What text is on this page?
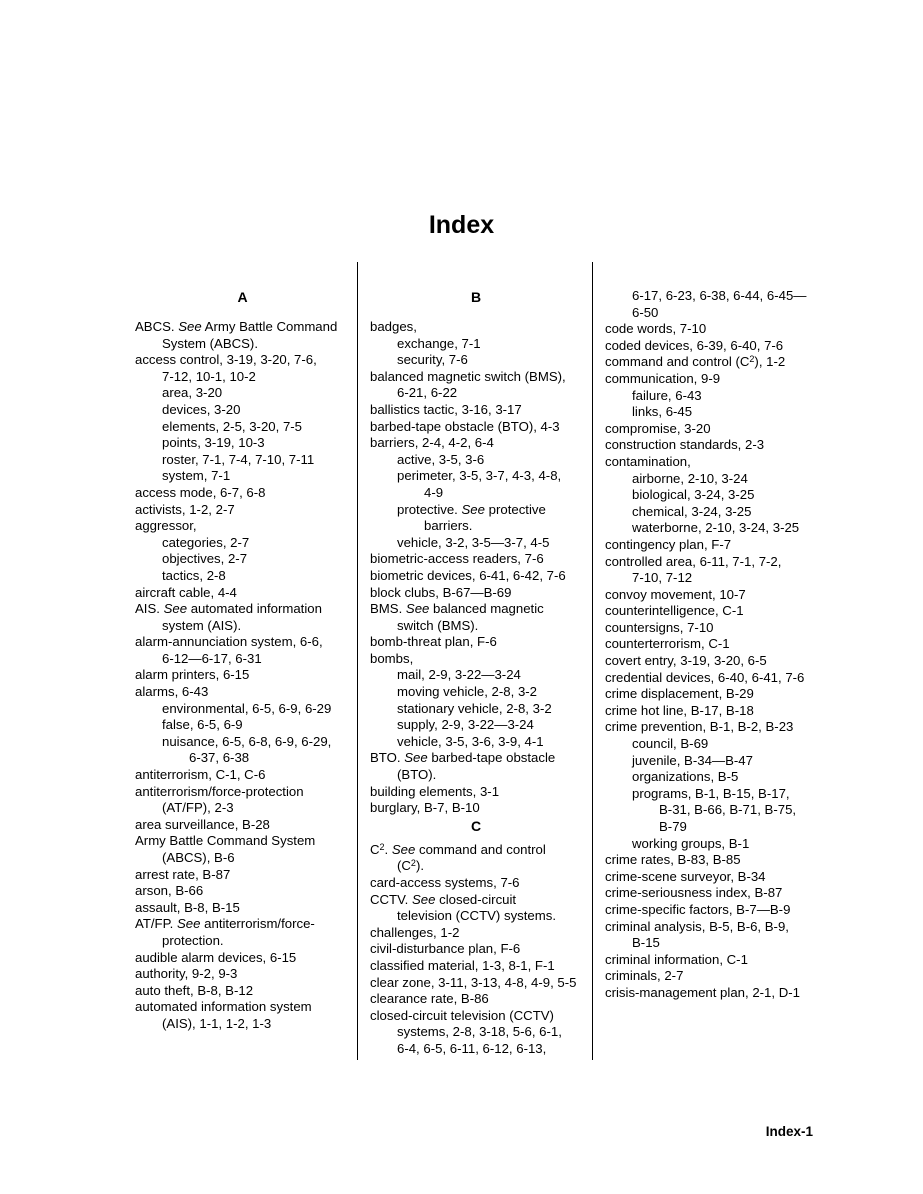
Index
A
ABCS. See Army Battle Command
System (ABCS).
access control, 3-19, 3-20, 7-6,
7-12, 10-1, 10-2
area, 3-20
devices, 3-20
elements, 2-5, 3-20, 7-5
points, 3-19, 10-3
roster, 7-1, 7-4, 7-10, 7-11
system, 7-1
access mode, 6-7, 6-8
activists, 1-2, 2-7
aggressor,
categories, 2-7
objectives, 2-7
tactics, 2-8
aircraft cable, 4-4
AIS. See automated information
system (AIS).
alarm-annunciation system, 6-6,
6-12—6-17, 6-31
alarm printers, 6-15
alarms, 6-43
environmental, 6-5, 6-9, 6-29
false, 6-5, 6-9
nuisance, 6-5, 6-8, 6-9, 6-29,
6-37, 6-38
antiterrorism, C-1, C-6
antiterrorism/force-protection
(AT/FP), 2-3
area surveillance, B-28
Army Battle Command System
(ABCS), B-6
arrest rate, B-87
arson, B-66
assault, B-8, B-15
AT/FP. See antiterrorism/force-
protection.
audible alarm devices, 6-15
authority, 9-2, 9-3
auto theft, B-8, B-12
automated information system
(AIS), 1-1, 1-2, 1-3
B
badges,
exchange, 7-1
security, 7-6
balanced magnetic switch (BMS),
6-21, 6-22
ballistics tactic, 3-16, 3-17
barbed-tape obstacle (BTO), 4-3
barriers, 2-4, 4-2, 6-4
active, 3-5, 3-6
perimeter, 3-5, 3-7, 4-3, 4-8,
4-9
protective. See protective
barriers.
vehicle, 3-2, 3-5—3-7, 4-5
biometric-access readers, 7-6
biometric devices, 6-41, 6-42, 7-6
block clubs, B-67—B-69
BMS. See balanced magnetic
switch (BMS).
bomb-threat plan, F-6
bombs,
mail, 2-9, 3-22—3-24
moving vehicle, 2-8, 3-2
stationary vehicle, 2-8, 3-2
supply, 2-9, 3-22—3-24
vehicle, 3-5, 3-6, 3-9, 4-1
BTO. See barbed-tape obstacle
(BTO).
building elements, 3-1
burglary, B-7, B-10
C
$C^2$. See command and control
$(C^2)$.
card-access systems, 7-6
CCTV. See closed-circuit
television (CCTV) systems.
challenges, 1-2
civil-disturbance plan, F-6
classified material, 1-3, 8-1, F-1
clear zone, 3-11, 3-13, 4-8, 4-9, 5-5
clearance rate, B-86
closed-circuit television (CCTV)
systems, 2-8, 3-18, 5-6, 6-1,
6-4, 6-5, 6-11, 6-12, 6-13,
6-17, 6-23, 6-38, 6-44, 6-45—
6-50
code words, 7-10
coded devices, 6-39, 6-40, 7-6
command and control $(C^2)$, 1-2
communication, 9-9
failure, 6-43
links, 6-45
compromise, 3-20
construction standards, 2-3
contamination,
airborne, 2-10, 3-24
biological, 3-24, 3-25
chemical, 3-24, 3-25
waterborne, 2-10, 3-24, 3-25
contingency plan, F-7
controlled area, 6-11, 7-1, 7-2,
7-10, 7-12
convoy movement, 10-7
counterintelligence, C-1
countersigns, 7-10
counterterrorism, C-1
covert entry, 3-19, 3-20, 6-5
credential devices, 6-40, 6-41, 7-6
crime displacement, B-29
crime hot line, B-17, B-18
crime prevention, B-1, B-2, B-23
council, B-69
juvenile, B-34—B-47
organizations, B-5
programs, B-1, B-15, B-17,
B-31, B-66, B-71, B-75,
B-79
working groups, B-1
crime rates, B-83, B-85
crime-scene surveyor, B-34
crime-seriousness index, B-87
crime-specific factors, B-7—B-9
criminal analysis, B-5, B-6, B-9,
B-15
criminal information, C-1
criminals, 2-7
crisis-management plan, 2-1, D-1
Index-1
